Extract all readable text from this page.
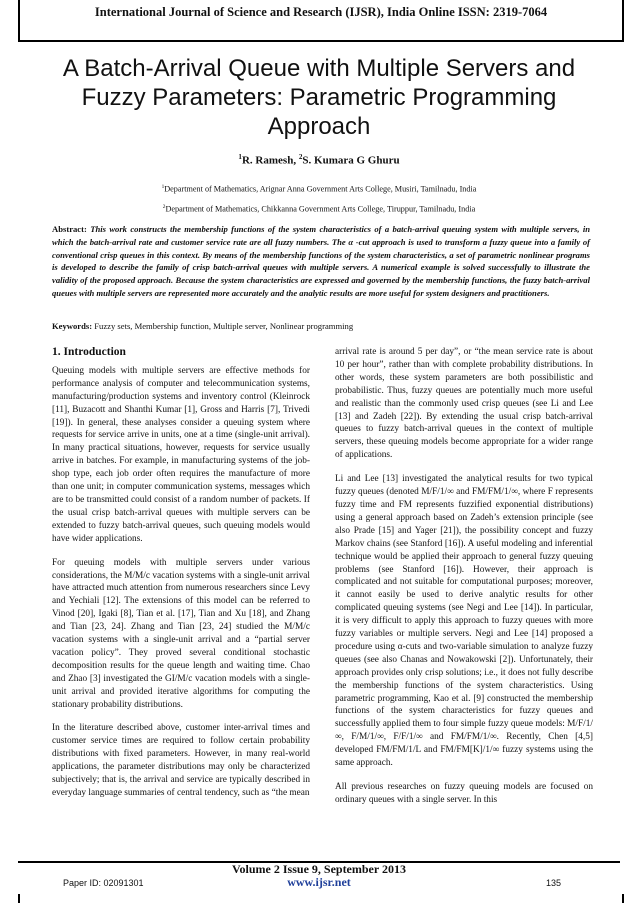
International Journal of Science and Research (IJSR), India Online ISSN: 2319-7064
A Batch-Arrival Queue with Multiple Servers and Fuzzy Parameters: Parametric Programming Approach
$^1$R. Ramesh, $^2$S. Kumara G Ghuru
$^1$Department of Mathematics, Arignar Anna Government Arts College, Musiri, Tamilnadu, India
$^2$Department of Mathematics, Chikkanna Government Arts College, Tiruppur, Tamilnadu, India
Abstract: This work constructs the membership functions of the system characteristics of a batch-arrival queuing system with multiple servers, in which the batch-arrival rate and customer service rate are all fuzzy numbers. The α -cut approach is used to transform a fuzzy queue into a family of conventional crisp queues in this context. By means of the membership functions of the system characteristics, a set of parametric nonlinear programs is developed to describe the family of crisp batch-arrival queues with multiple servers. A numerical example is solved successfully to illustrate the validity of the proposed approach. Because the system characteristics are expressed and governed by the membership functions, the fuzzy batch-arrival queues with multiple servers are represented more accurately and the analytic results are more useful for system designers and practitioners.
Keywords: Fuzzy sets, Membership function, Multiple server, Nonlinear programming
1. Introduction

Queuing models with multiple servers are effective methods for performance analysis of computer and telecommunication systems, manufacturing/production systems and inventory control (Kleinrock [11], Buzacott and Shanthi Kumar [1], Gross and Harris [7], Trivedi [19]). In general, these analyses consider a queuing system where requests for service arrive in units, one at a time (single-unit arrival). In many practical situations, however, requests for service usually arrive in batches. For example, in manufacturing systems of the job-shop type, each job order often requires the manufacture of more than one unit; in computer communication systems, messages which are to be transmitted could consist of a random number of packets. If the usual crisp batch-arrival queues with multiple servers can be extended to fuzzy batch-arrival queues, such queuing models would have wider applications.

For queuing models with multiple servers under various considerations, the M/M/c vacation systems with a single-unit arrival have attracted much attention from numerous researchers since Levy and Yechiali [12]. The extensions of this model can be referred to Vinod [20], Igaki [8], Tian et al. [17], Tian and Xu [18], and Zhang and Tian [23, 24]. Zhang and Tian [23, 24] studied the M/M/c vacation systems with a single-unit arrival and a “partial server vacation policy”. They proved several conditional stochastic decomposition results for the queue length and waiting time. Chao and Zhao [3] investigated the GI/M/c vacation models with a single-unit arrival and provided iterative algorithms for computing the stationary probability distributions.

In the literature described above, customer inter-arrival times and customer service times are required to follow certain probability distributions with fixed parameters. However, in many real-world applications, the parameter distributions may only be characterized subjectively; that is, the arrival and service are typically described in everyday language summaries of central tendency, such as “the mean

arrival rate is around 5 per day”, or “the mean service rate is about 10 per hour”, rather than with complete probability distributions. In other words, these system parameters are both possibilistic and probabilistic. Thus, fuzzy queues are potentially much more useful and realistic than the commonly used crisp queues (see Li and Lee [13] and Zadeh [22]). By extending the usual crisp batch-arrival queues to fuzzy batch-arrival queues in the context of multiple servers, these queuing models become appropriate for a wider range of applications.

Li and Lee [13] investigated the analytical results for two typical fuzzy queues (denoted M/F/1/∞ and FM/FM/1/∞, where F represents fuzzy time and FM represents fuzzified exponential distributions) using a general approach based on Zadeh’s extension principle (see also Prade [15] and Yager [21]), the possibility concept and fuzzy Markov chains (see Stanford [16]). A useful modeling and inferential technique would be applied their approach to general fuzzy queuing problems (see Stanford [16]). However, their approach is complicated and not suitable for computational purposes; moreover, it cannot easily be used to derive analytic results for other complicated queuing systems (see Negi and Lee [14]). In particular, it is very difficult to apply this approach to fuzzy queues with more fuzzy variables or multiple servers. Negi and Lee [14] proposed a procedure using α-cuts and two-variable simulation to analyze fuzzy queues (see also Chanas and Nowakowski [2]). Unfortunately, their approach provides only crisp solutions; i.e., it does not fully describe the membership functions of the system characteristics. Using parametric programming, Kao et al. [9] constructed the membership functions of the system characteristics for fuzzy queues and successfully applied them to four simple fuzzy queue models: M/F/1/∞, F/M/1/∞, F/F/1/∞ and FM/FM/1/∞. Recently, Chen [4,5] developed FM/FM/1/L and FM/FM[K]/1/∞ fuzzy systems using the same approach.

All previous researches on fuzzy queuing models are focused on ordinary queues with a single server. In this

Volume 2 Issue 9, September 2013
www.ijsr.net
Paper ID: 02091301	135
